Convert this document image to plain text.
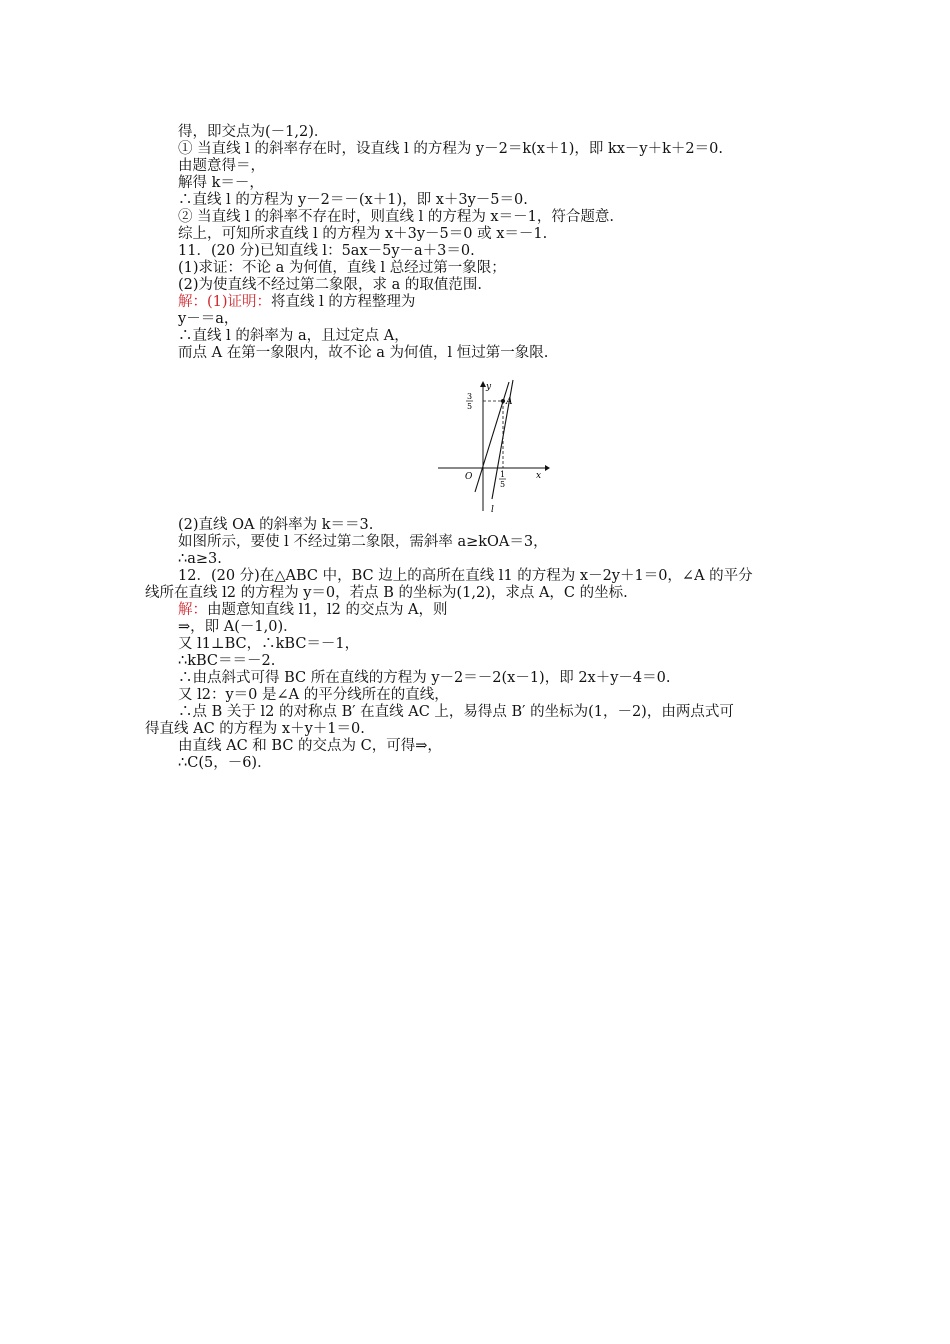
得，即交点为(－1,2)．
① 当直线 l 的斜率存在时，设直线 l 的方程为 y－2＝k(x＋1)，即 kx－y＋k＋2＝0.
由题意得＝，
解得 k＝－，
∴直线 l 的方程为 y－2＝－(x＋1)，即 x＋3y－5＝0.
② 当直线 l 的斜率不存在时，则直线 l 的方程为 x＝－1，符合题意.
综上，可知所求直线 l 的方程为 x＋3y－5＝0 或 x＝－1.
11．(20 分)已知直线 l：5ax－5y－a＋3＝0.
(1)求证：不论 a 为何值，直线 l 总经过第一象限；
(2)为使直线不经过第二象限，求 a 的取值范围.
解：(1)证明：将直线 l 的方程整理为
y－＝a，
∴直线 l 的斜率为 a，且过定点 A，
而点 A 在第一象限内，故不论 a 为何值，l 恒过第一象限.
y
x
O
A
l
3
5
1
5
(2)直线 OA 的斜率为 k＝＝3.
如图所示，要使 l 不经过第二象限，需斜率 a≥kOA＝3，
∴a≥3.
12．(20 分)在△ABC 中，BC 边上的高所在直线 l1 的方程为 x－2y＋1＝0，∠A 的平分
线所在直线 l2 的方程为 y＝0，若点 B 的坐标为(1,2)，求点 A，C 的坐标.
解：由题意知直线 l1，l2 的交点为 A，则
⇒，即 A(－1,0)．
又 l1⊥BC，∴kBC＝－1，
∴kBC＝＝－2.
∴由点斜式可得 BC 所在直线的方程为 y－2＝－2(x－1)，即 2x＋y－4＝0.
又 l2：y＝0 是∠A 的平分线所在的直线，
∴点 B 关于 l2 的对称点 B′ 在直线 AC 上，易得点 B′ 的坐标为(1，－2)，由两点式可
得直线 AC 的方程为 x＋y＋1＝0.
由直线 AC 和 BC 的交点为 C，可得⇒，
∴C(5，－6)．
